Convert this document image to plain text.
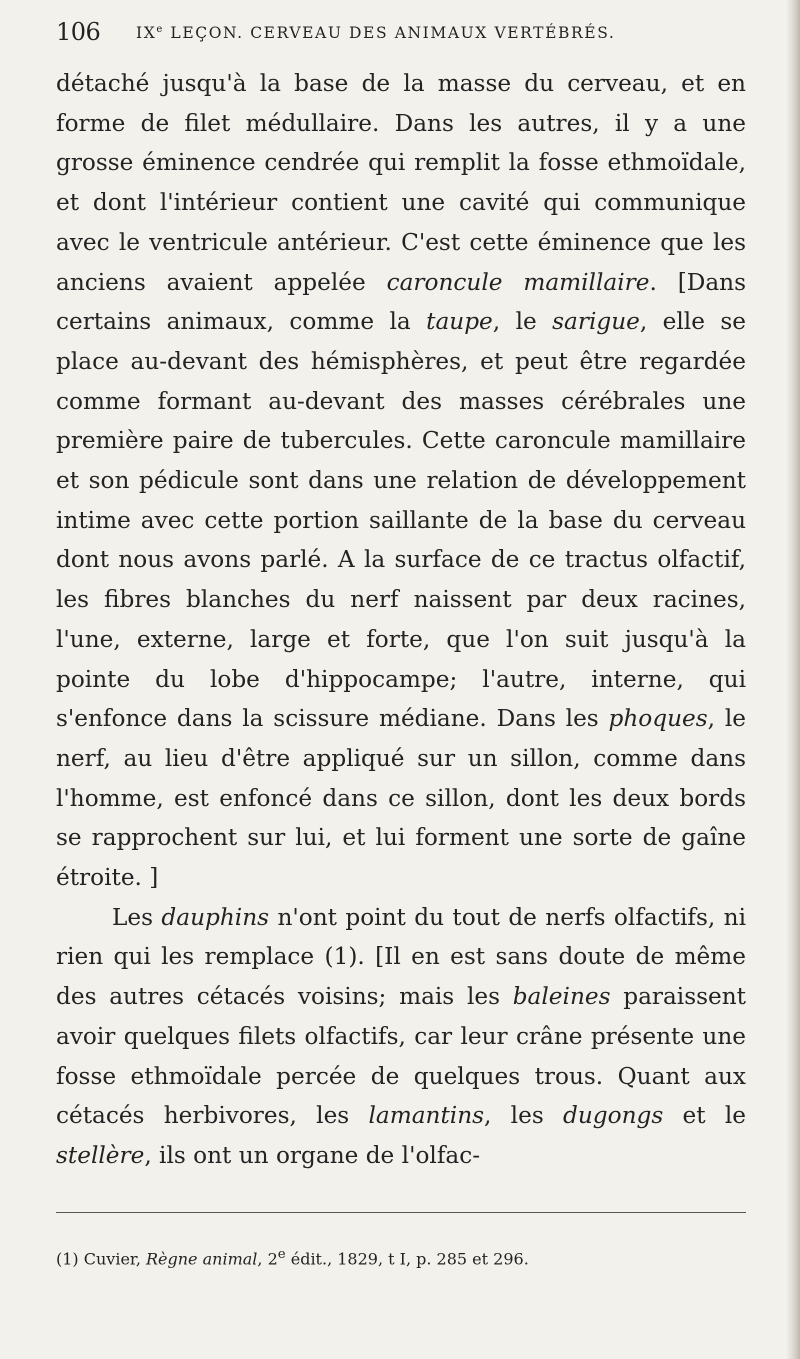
106 IXe LEÇON. CERVEAU DES ANIMAUX VERTÉBRÉS.

détaché jusqu'à la base de la masse du cerveau, et en forme de filet médullaire. Dans les autres, il y a une grosse éminence cendrée qui remplit la fosse ethmoïdale, et dont l'intérieur contient une cavité qui communique avec le ventricule antérieur. C'est cette éminence que les anciens avaient appelée caroncule mamillaire. [Dans certains animaux, comme la taupe, le sarigue, elle se place au-devant des hémisphères, et peut être regardée comme formant au-devant des masses cérébrales une première paire de tubercules. Cette caroncule mamillaire et son pédicule sont dans une relation de développement intime avec cette portion saillante de la base du cerveau dont nous avons parlé. A la surface de ce tractus olfactif, les fibres blanches du nerf naissent par deux racines, l'une, externe, large et forte, que l'on suit jusqu'à la pointe du lobe d'hippocampe; l'autre, interne, qui s'enfonce dans la scissure médiane. Dans les phoques, le nerf, au lieu d'être appliqué sur un sillon, comme dans l'homme, est enfoncé dans ce sillon, dont les deux bords se rapprochent sur lui, et lui forment une sorte de gaîne étroite. ]

Les dauphins n'ont point du tout de nerfs olfactifs, ni rien qui les remplace (1). [Il en est sans doute de même des autres cétacés voisins; mais les baleines paraissent avoir quelques filets olfactifs, car leur crâne présente une fosse ethmoïdale percée de quelques trous. Quant aux cétacés herbivores, les lamantins, les dugongs et le stellère, ils ont un organe de l'olfac-

(1) Cuvier, Règne animal, 2e édit., 1829, t I, p. 285 et 296.
